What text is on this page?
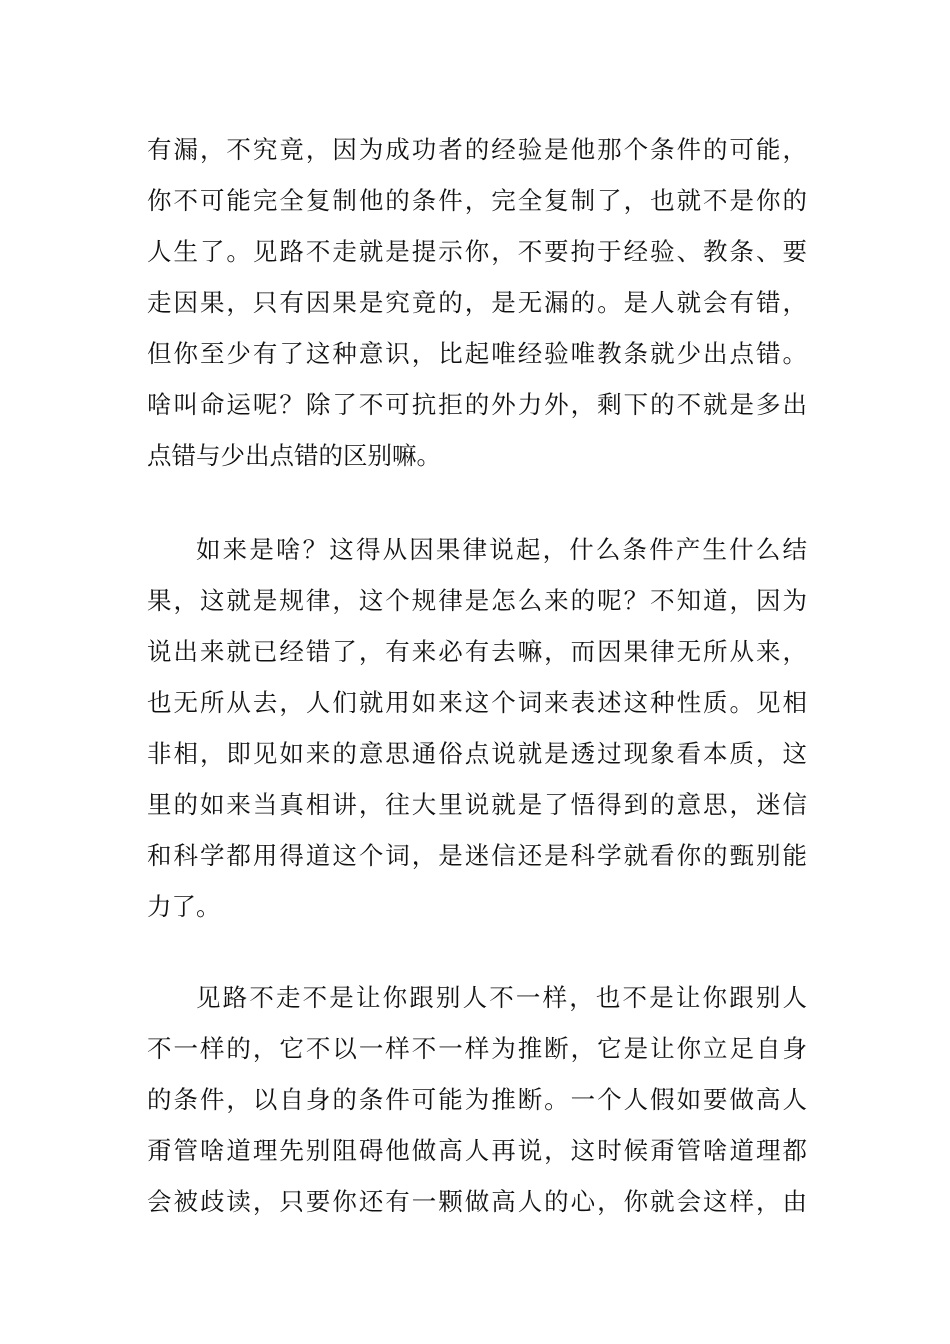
有漏，不究竟，因为成功者的经验是他那个条件的可能，
你不可能完全复制他的条件，完全复制了，也就不是你的
人生了。见路不走就是提示你，不要拘于经验、教条、要
走因果，只有因果是究竟的，是无漏的。是人就会有错，
但你至少有了这种意识，比起唯经验唯教条就少出点错。
啥叫命运呢？除了不可抗拒的外力外，剩下的不就是多出
点错与少出点错的区别嘛。
如来是啥？这得从因果律说起，什么条件产生什么结
果，这就是规律，这个规律是怎么来的呢？不知道，因为
说出来就已经错了，有来必有去嘛，而因果律无所从来，
也无所从去，人们就用如来这个词来表述这种性质。见相
非相，即见如来的意思通俗点说就是透过现象看本质，这
里的如来当真相讲，往大里说就是了悟得到的意思，迷信
和科学都用得道这个词，是迷信还是科学就看你的甄别能
力了。
见路不走不是让你跟别人不一样，也不是让你跟别人
不一样的，它不以一样不一样为推断，它是让你立足自身
的条件，以自身的条件可能为推断。一个人假如要做高人
甭管啥道理先别阻碍他做高人再说，这时候甭管啥道理都
会被歧读，只要你还有一颗做高人的心，你就会这样，由
